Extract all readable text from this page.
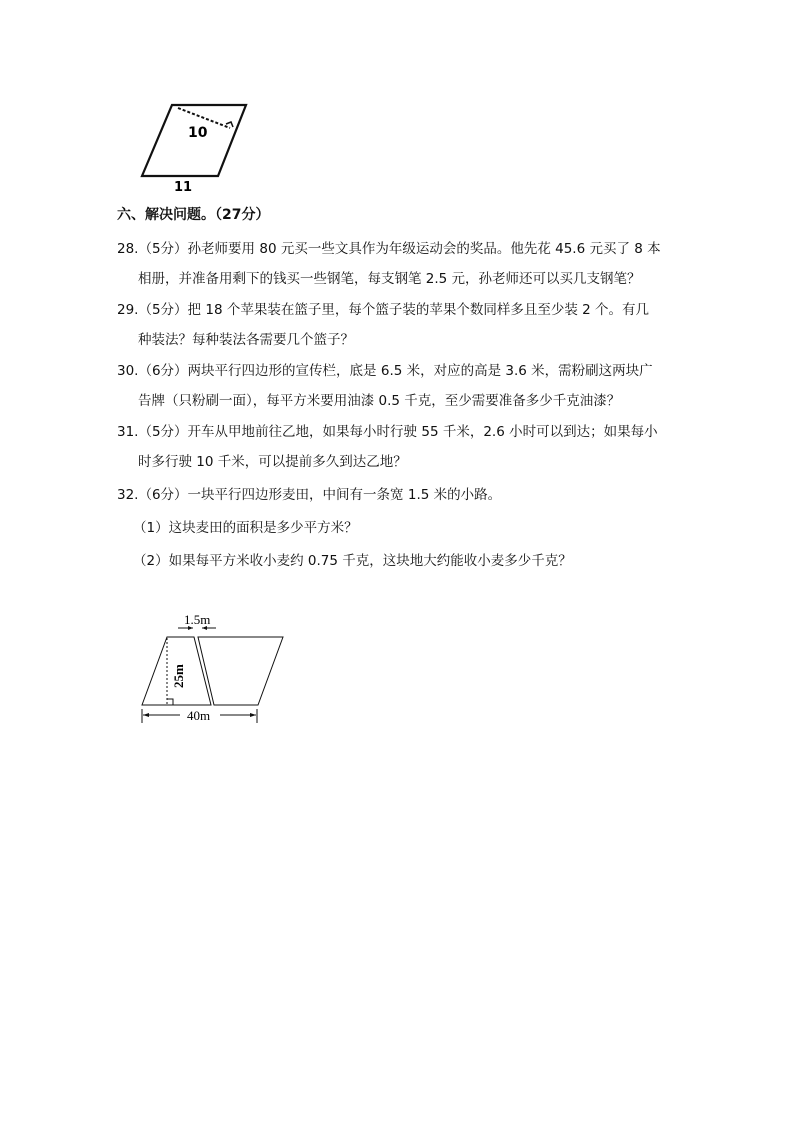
10
11
六、解决问题。（27分）
28.（5分）孙老师要用 80 元买一些文具作为年级运动会的奖品。他先花 45.6 元买了 8 本
相册，并准备用剩下的钱买一些钢笔，每支钢笔 2.5 元，孙老师还可以买几支钢笔？
29.（5分）把 18 个苹果装在篮子里，每个篮子装的苹果个数同样多且至少装 2 个。有几
种装法？每种装法各需要几个篮子？
30.（6分）两块平行四边形的宣传栏，底是 6.5 米，对应的高是 3.6 米，需粉刷这两块广
告牌（只粉刷一面），每平方米要用油漆 0.5 千克，至少需要准备多少千克油漆？
31.（5分）开车从甲地前往乙地，如果每小时行驶 55 千米，2.6 小时可以到达；如果每小
时多行驶 10 千米，可以提前多久到达乙地？
32.（6分）一块平行四边形麦田，中间有一条宽 1.5 米的小路。
（1）这块麦田的面积是多少平方米？
（2）如果每平方米收小麦约 0.75 千克，这块地大约能收小麦多少千克？
1.5m
25m
40m
